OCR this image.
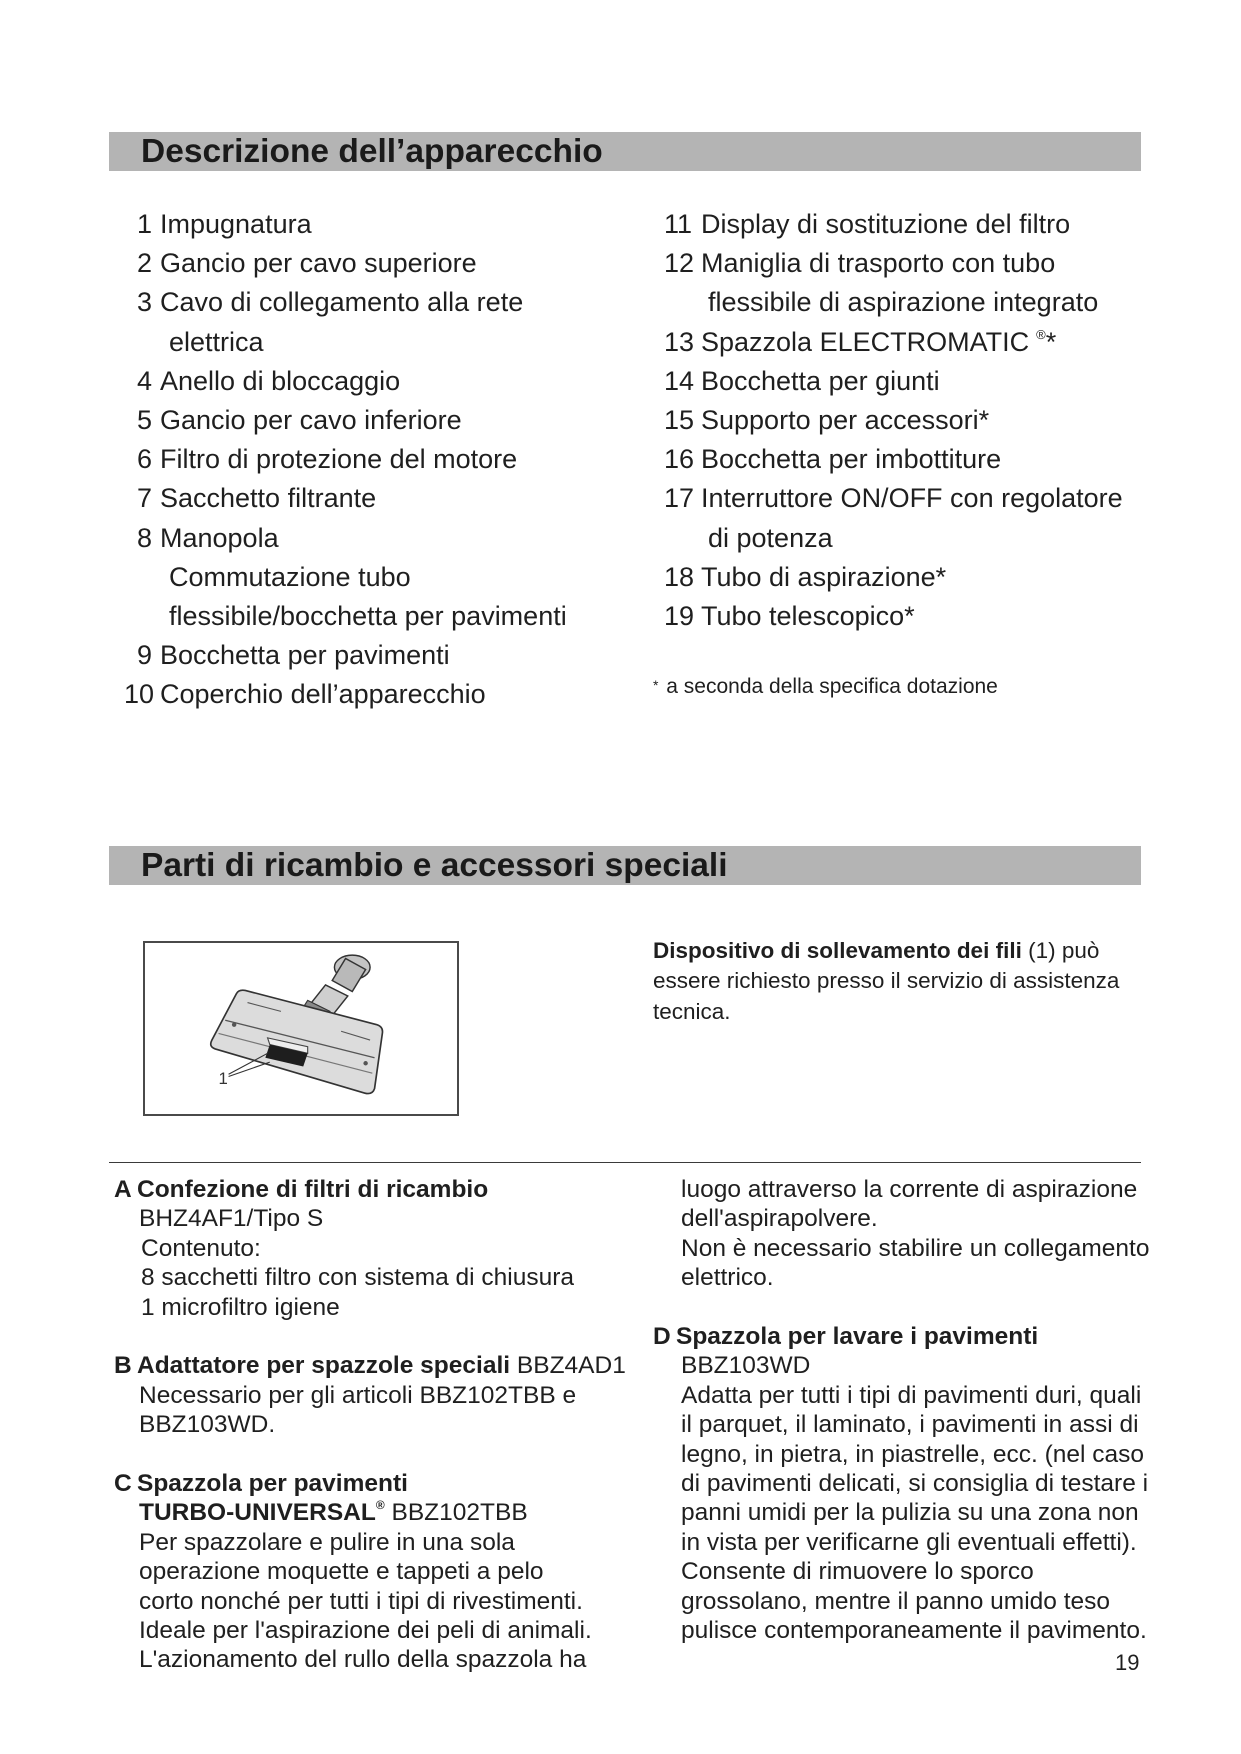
Descrizione dell’apparecchio
1 Impugnatura
2 Gancio per cavo superiore
3 Cavo di collegamento alla rete
elettrica
4 Anello di bloccaggio
5 Gancio per cavo inferiore
6 Filtro di protezione del motore
7 Sacchetto filtrante
8 Manopola
Commutazione tubo
flessibile/bocchetta per pavimenti
9 Bocchetta per pavimenti
10 Coperchio dell’apparecchio
11 Display di sostituzione del filtro
12 Maniglia di trasporto con tubo
flessibile di aspirazione integrato
13 Spazzola ELECTROMATIC ®*
14 Bocchetta per giunti
15 Supporto per accessori*
16 Bocchetta per imbottiture
17 Interruttore ON/OFF con regolatore
di potenza
18 Tubo di aspirazione*
19 Tubo telescopico*
* a seconda della specifica dotazione
Parti di ricambio e accessori speciali
1
Dispositivo di sollevamento dei fili (1) può
essere richiesto presso il servizio di assistenza
tecnica.
A Confezione di filtri di ricambio
BHZ4AF1/Tipo S
Contenuto:
8 sacchetti filtro con sistema di chiusura
1 microfiltro igiene
B Adattatore per spazzole speciali BBZ4AD1
Necessario per gli articoli BBZ102TBB e
BBZ103WD.
C Spazzola per pavimenti
TURBO-UNIVERSAL® BBZ102TBB
Per spazzolare e pulire in una sola
operazione moquette e tappeti a pelo
corto nonché per tutti i tipi di rivestimenti.
Ideale per l'aspirazione dei peli di animali.
L'azionamento del rullo della spazzola ha
luogo attraverso la corrente di aspirazione
dell'aspirapolvere.
Non è necessario stabilire un collegamento
elettrico.
D Spazzola per lavare i pavimenti
BBZ103WD
Adatta per tutti i tipi di pavimenti duri, quali
il parquet, il laminato, i pavimenti in assi di
legno, in pietra, in piastrelle, ecc. (nel caso
di pavimenti delicati, si consiglia di testare i
panni umidi per la pulizia su una zona non
in vista per verificarne gli eventuali effetti).
Consente di rimuovere lo sporco
grossolano, mentre il panno umido teso
pulisce contemporaneamente il pavimento.
19
